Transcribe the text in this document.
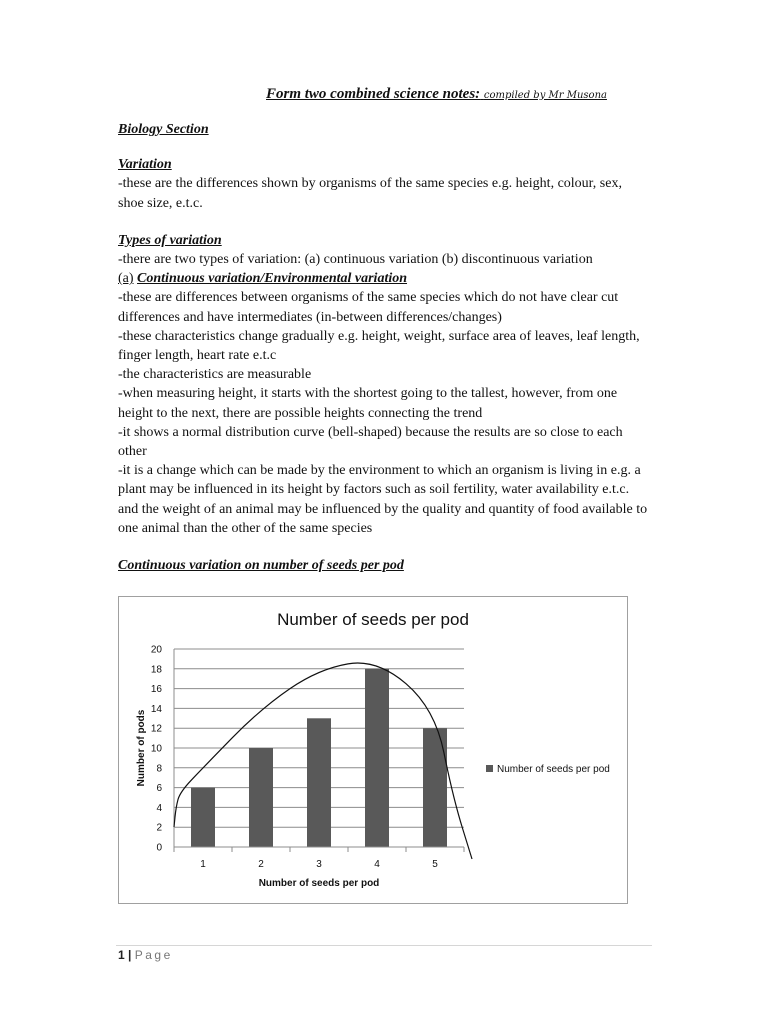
Form two combined science notes: compiled by Mr Musona

Biology Section

Variation

-these are the differences shown by organisms of the same species e.g. height, colour, sex, shoe size, e.t.c.

Types of variation

-there are two types of variation: (a) continuous variation (b) discontinuous variation

(a) Continuous variation/Environmental variation

-these are differences between organisms of the same species which do not have clear cut differences and have intermediates (in-between differences/changes)

-these characteristics change gradually e.g. height, weight, surface area of leaves, leaf length, finger length, heart rate e.t.c

-the characteristics are measurable

-when measuring height, it starts with the shortest going to the tallest, however, from one height to the next, there are possible heights connecting the trend

-it shows a normal distribution curve (bell-shaped) because the results are so close to each other

-it is a change which can be made by the environment to which an organism is living in e.g. a plant may be influenced in its height by factors such as soil fertility, water availability e.t.c. and the weight of an animal may be influenced by the quality and quantity of food available to one animal than the other of the same species

Continuous variation on number of seeds per pod

Number of seeds per pod
0
2
4
6
8
10
12
14
16
18
20
1	2	3	4	5
Number of seeds per pod
Number of pods	Number of seeds per pod
1 | Page
